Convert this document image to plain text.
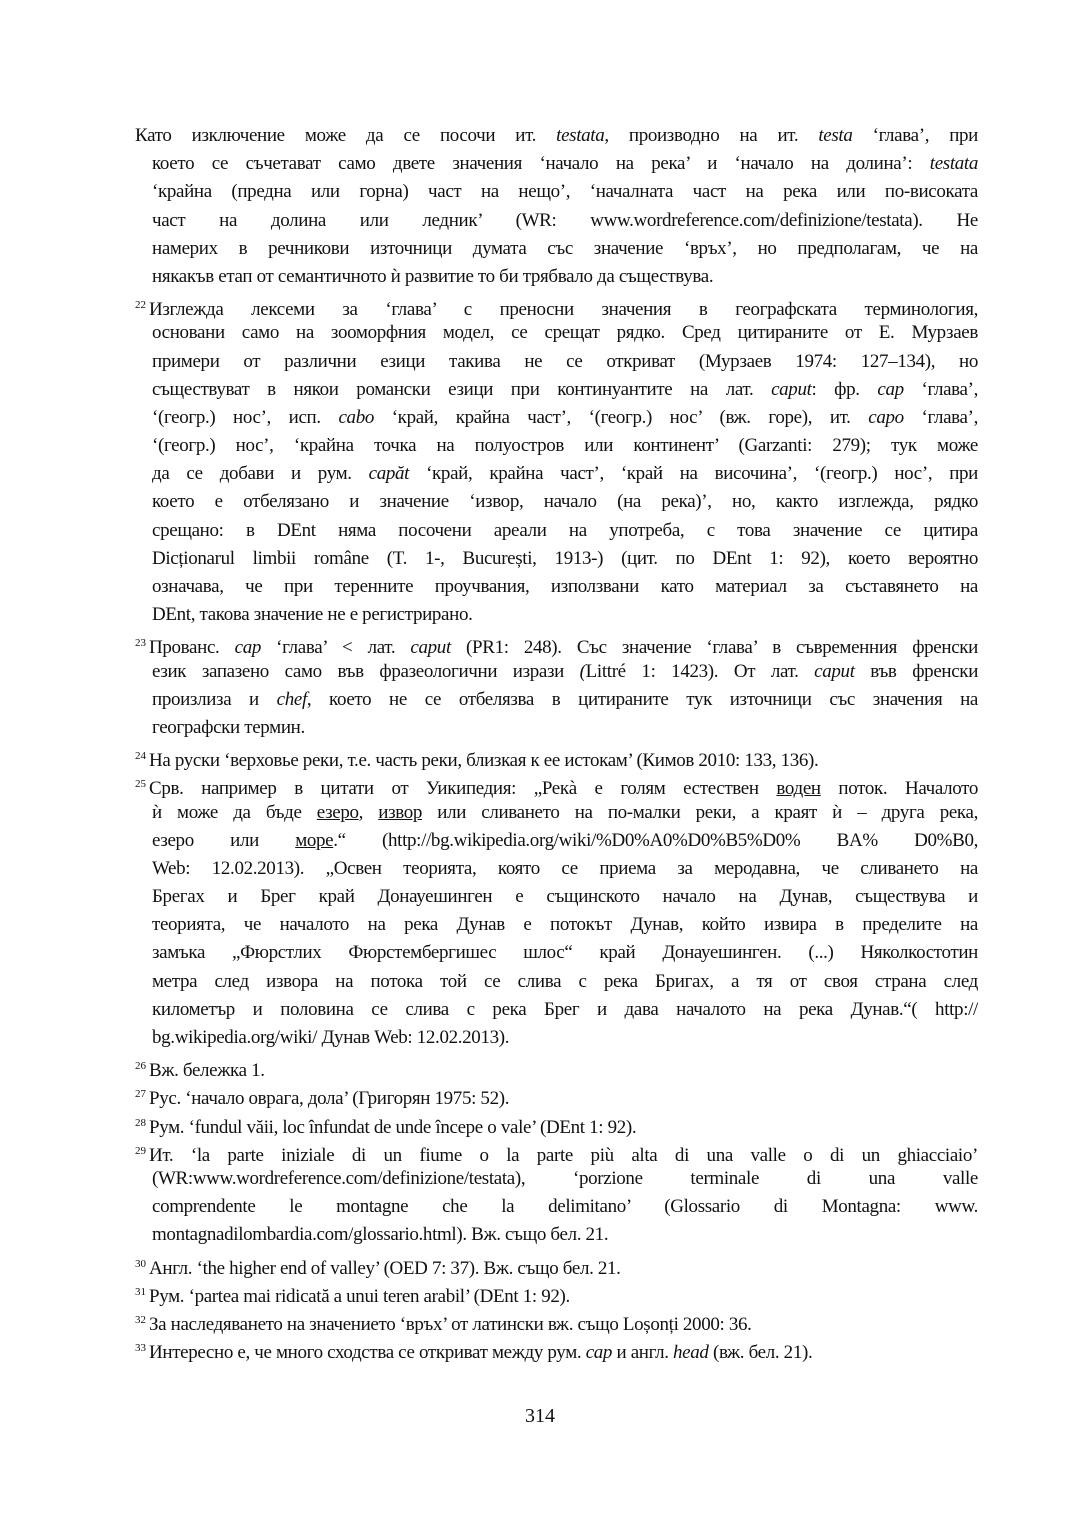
Като изключение може да се посочи ит. testata, производно на ит. testa ‘глава’, при
което се съчетават само двете значения ‘начало на река’ и ‘начало на долина’: testata
‘крайна (предна или горна) част на нещо’, ‘началната част на река или по-високата
част на долина или ледник’ (WR: www.wordreference.com/definizione/testata). Не
намерих в речникови източници думата със значение ‘връх’, но предполагам, че на
някакъв етап от семантичното ѝ развитие то би трябвало да съществува.
$^{22}$ Изглежда лексеми за ‘глава’ с преносни значения в географската терминология,
основани само на зооморфния модел, се срещат рядко. Сред цитираните от Е. Мурзаев
примери от различни езици такива не се откриват (Мурзаев 1974: 127–134), но
съществуват в някои романски езици при континуантите на лат. caput: фр. cap ‘глава’,
‘(геогр.) нос’, исп. cabo ‘край, крайна част’, ‘(геогр.) нос’ (вж. горе), ит. capo ‘глава’,
‘(геогр.) нос’, ‘крайна точка на полуостров или континент’ (Garzanti: 279); тук може
да се добави и рум. capăt ‘край, крайна част’, ‘край на височина’, ‘(геогр.) нос’, при
което е отбелязано и значение ‘извор, начало (на река)’, но, както изглежда, рядко
срещано: в DEnt няма посочени ареали на употреба, с това значение се цитира
Dicționarul limbii române (T. 1-, București, 1913-) (цит. по DEnt 1: 92), което вероятно
означава, че при теренните проучвания, използвани като материал за съставянето на
DEnt, такова значение не е регистрирано.
$^{23}$ Прованс. cap ‘глава’ < лат. caput (PR1: 248). Със значение ‘глава’ в съвременния френски
език запазено само във фразеологични изрази (Littré 1: 1423). От лат. caput във френски
произлиза и chef, което не се отбелязва в цитираните тук източници със значения на
географски термин.
$^{24}$ На руски ‘верховье реки, т.е. часть реки, близкая к ее истокам’ (Кимов 2010: 133, 136).
$^{25}$ Срв. например в цитати от Уикипедия: „Рекà е голям естествен воден поток. Началото
ѝ може да бъде езеро, извор или сливането на по-малки реки, а краят ѝ – друга река,
езеро или море.“ (http://bg.wikipedia.org/wiki/%D0%A0%D0%B5%D0% BA% D0%B0,
Web: 12.02.2013). „Освен теорията, която се приема за меродавна, че сливането на
Брегах и Брег край Донауешинген е същинското начало на Дунав, съществува и
теорията, че началото на река Дунав е потокът Дунав, който извира в пределите на
замъка „Фюрстлих Фюрстембергишес шлос“ край Донауешинген. (...) Няколкостотин
метра след извора на потока той се слива с река Бригах, а тя от своя страна след
километър и половина се слива с река Брег и дава началото на река Дунав.“( http://
bg.wikipedia.org/wiki/ Дунав Web: 12.02.2013).
$^{26}$ Вж. бележка 1.
$^{27}$ Рус. ‘начало оврага, дола’ (Григорян 1975: 52).
$^{28}$ Рум. ‘fundul văii, loc înfundat de unde începe o vale’ (DEnt 1: 92).
$^{29}$ Ит. ‘la parte iniziale di un fiume o la parte più alta di una valle o di un ghiacciaio’
(WR:www.wordreference.com/definizione/testata), ‘porzione terminale di una valle
comprendente le montagne che la delimitano’ (Glossario di Montagna: www.
montagnadilombardia.com/glossario.html). Вж. също бел. 21.
$^{30}$ Англ. ‘the higher end of valley’ (OED 7: 37). Вж. също бел. 21.
$^{31}$ Рум. ‘partea mai ridicată a unui teren arabil’ (DEnt 1: 92).
$^{32}$ За наследяването на значението ‘връх’ от латински вж. също Loșonți 2000: 36.
$^{33}$ Интересно е, че много сходства се откриват между рум. cap и англ. head (вж. бел. 21).
314
